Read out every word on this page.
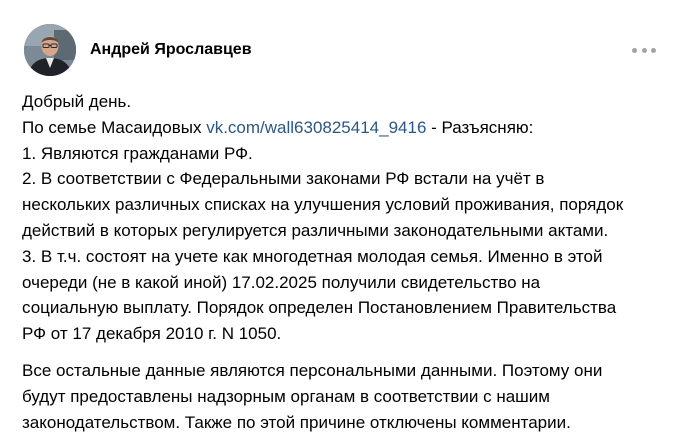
Андрей Ярославцев

Добрый день.

По семье Масаидовых vk.com/wall630825414_9416 - Разъясняю:

1. Являются гражданами РФ.

2. В соответствии с Федеральными законами РФ встали на учёт в

нескольких различных списках на улучшения условий проживания, порядок

действий в которых регулируется различными законодательными актами.

3. В т.ч. состоят на учете как многодетная молодая семья. Именно в этой

очереди (не в какой иной) 17.02.2025 получили свидетельство на

социальную выплату. Порядок определен Постановлением Правительства

РФ от 17 декабря 2010 г. N 1050.

Все остальные данные являются персональными данными. Поэтому они

будут предоставлены надзорным органам в соответствии с нашим

законодательством. Также по этой причине отключены комментарии.
